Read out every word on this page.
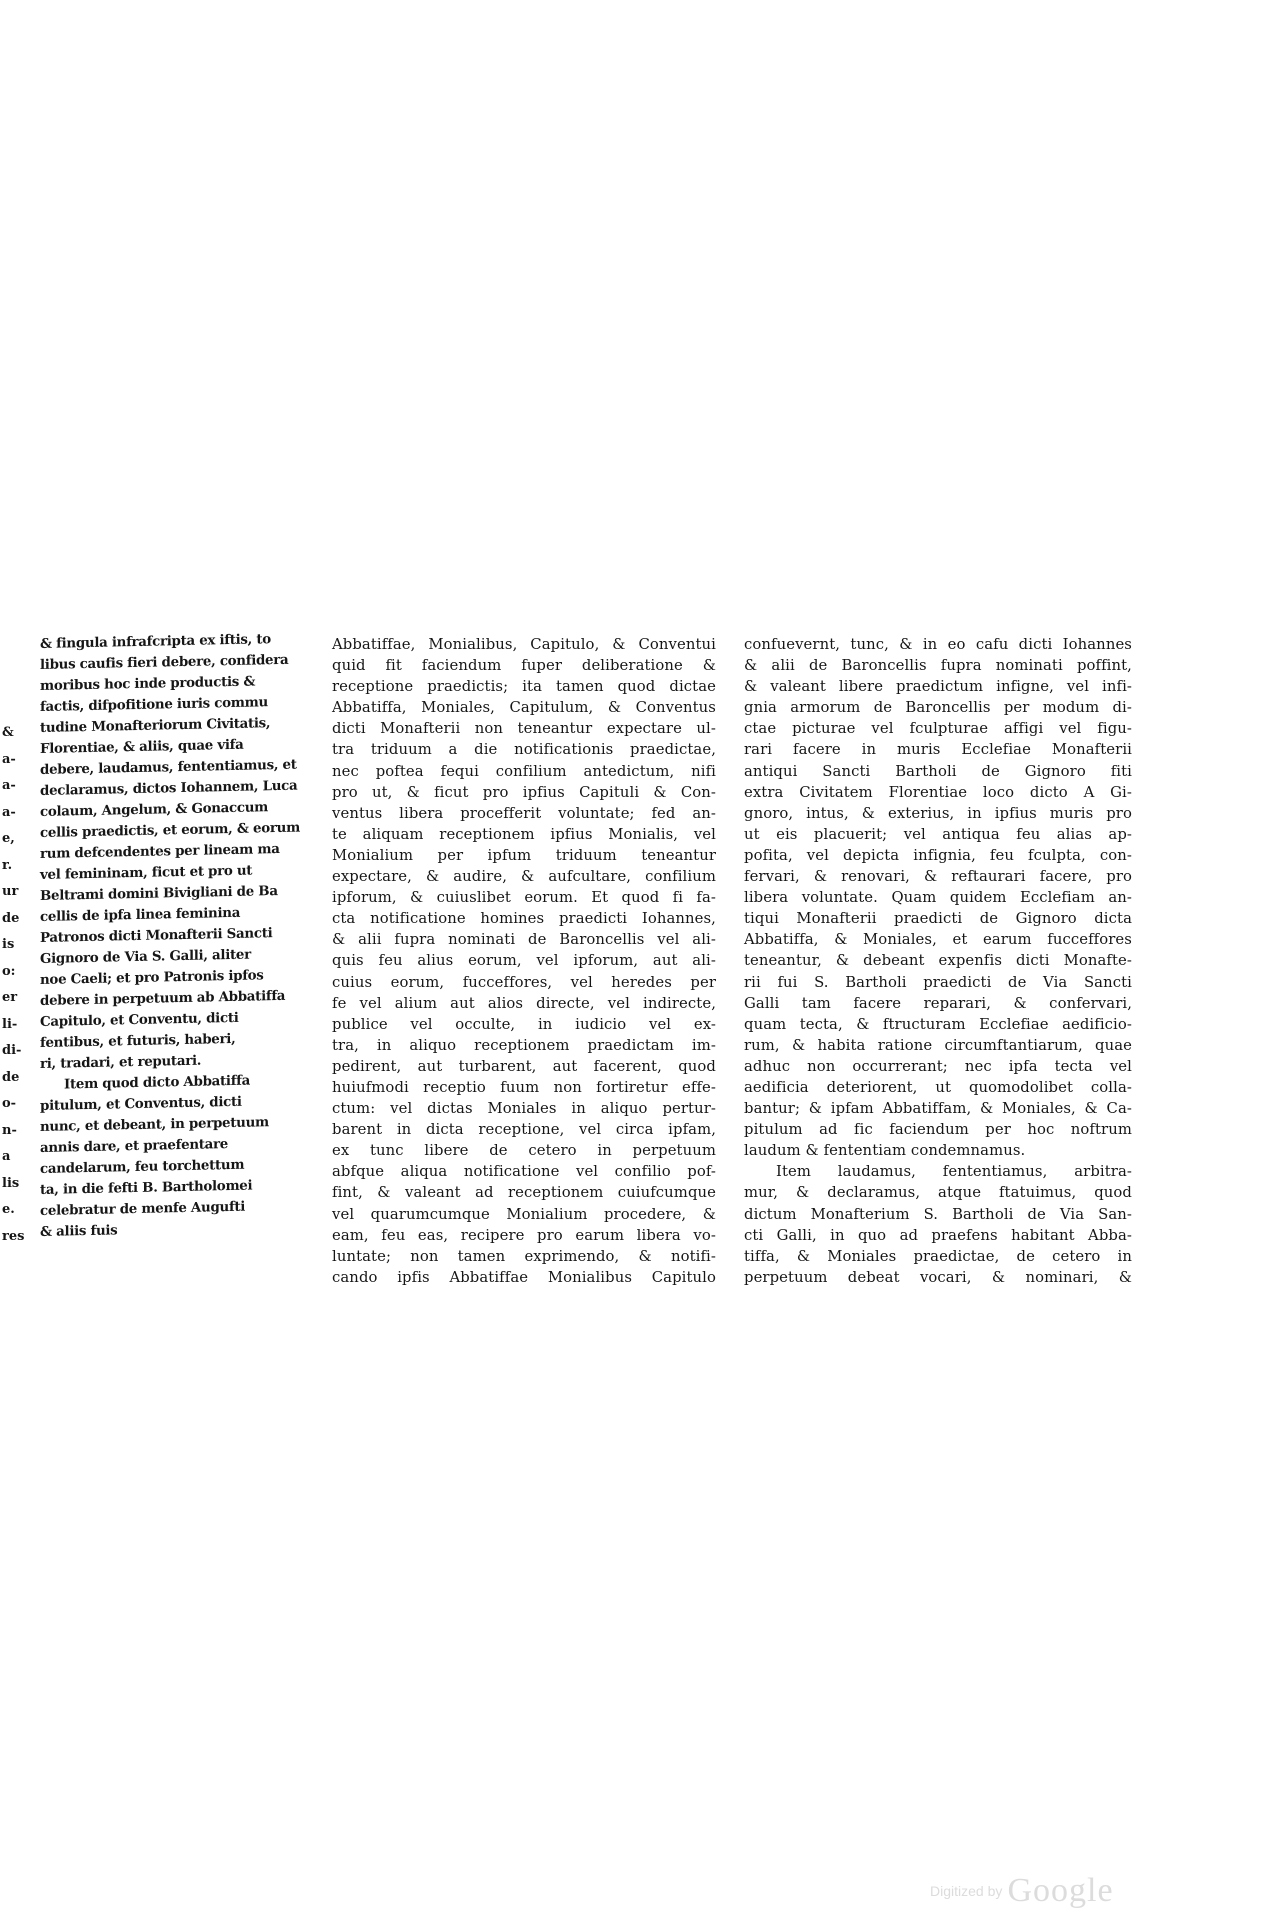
&

a-

a-

a-

e,

r.

ur

de

is

o:

er

li-

di-

de

o-

n-

a

lis

e.

res

& fingula infrafcripta ex iftis, to

libus caufis fieri debere, confidera

moribus hoc inde productis &

factis, difpofitione iuris commu

tudine Monafteriorum Civitatis,

Florentiae, & aliis, quae vifa

debere, laudamus, fententiamus, et

declaramus, dictos Iohannem, Luca

colaum, Angelum, & Gonaccum

cellis praedictis, et eorum, & eorum

rum defcendentes per lineam ma

vel femininam, ficut et pro ut

Beltrami domini Bivigliani de Ba

cellis de ipfa linea feminina

Patronos dicti Monafterii Sancti

Gignoro de Via S. Galli, aliter

noe Caeli; et pro Patronis ipfos

debere in perpetuum ab Abbatiffa

Capitulo, et Conventu, dicti

fentibus, et futuris, haberi,

ri, tradari, et reputari.

Item quod dicto Abbatiffa

pitulum, et Conventus, dicti

nunc, et debeant, in perpetuum

annis dare, et praefentare

candelarum, feu torchettum

ta, in die fefti B. Bartholomei

celebratur de menfe Augufti

& aliis fuis

Abbatiffae, Monialibus, Capitulo, & Conventui

quid fit faciendum fuper deliberatione &

receptione praedictis; ita tamen quod dictae

Abbatiffa, Moniales, Capitulum, & Conventus

dicti Monafterii non teneantur expectare ul-

tra triduum a die notificationis praedictae,

nec poftea fequi confilium antedictum, nifi

pro ut, & ficut pro ipfius Capituli & Con-

ventus libera procefferit voluntate; fed an-

te aliquam receptionem ipfius Monialis, vel

Monialium per ipfum triduum teneantur

expectare, & audire, & aufcultare, confilium

ipforum, & cuiuslibet eorum. Et quod fi fa-

cta notificatione homines praedicti Iohannes,

& alii fupra nominati de Baroncellis vel ali-

quis feu alius eorum, vel ipforum, aut ali-

cuius eorum, fucceffores, vel heredes per

fe vel alium aut alios directe, vel indirecte,

publice vel occulte, in iudicio vel ex-

tra, in aliquo receptionem praedictam im-

pedirent, aut turbarent, aut facerent, quod

huiufmodi receptio fuum non fortiretur effe-

ctum: vel dictas Moniales in aliquo pertur-

barent in dicta receptione, vel circa ipfam,

ex tunc libere de cetero in perpetuum

abfque aliqua notificatione vel confilio pof-

fint, & valeant ad receptionem cuiufcumque

vel quarumcumque Monialium procedere, &

eam, feu eas, recipere pro earum libera vo-

luntate; non tamen exprimendo, & notifi-

cando ipfis Abbatiffae Monialibus Capitulo

confuevernt, tunc, & in eo cafu dicti Iohannes

& alii de Baroncellis fupra nominati poffint,

& valeant libere praedictum infigne, vel infi-

gnia armorum de Baroncellis per modum di-

ctae picturae vel fculpturae affigi vel figu-

rari facere in muris Ecclefiae Monafterii

antiqui Sancti Bartholi de Gignoro fiti

extra Civitatem Florentiae loco dicto A Gi-

gnoro, intus, & exterius, in ipfius muris pro

ut eis placuerit; vel antiqua feu alias ap-

pofita, vel depicta infignia, feu fculpta, con-

fervari, & renovari, & reftaurari facere, pro

libera voluntate. Quam quidem Ecclefiam an-

tiqui Monafterii praedicti de Gignoro dicta

Abbatiffa, & Moniales, et earum fucceffores

teneantur, & debeant expenfis dicti Monafte-

rii fui S. Bartholi praedicti de Via Sancti

Galli tam facere reparari, & confervari,

quam tecta, & ftructuram Ecclefiae aedificio-

rum, & habita ratione circumftantiarum, quae

adhuc non occurrerant; nec ipfa tecta vel

aedificia deteriorent, ut quomodolibet colla-

bantur; & ipfam Abbatiffam, & Moniales, & Ca-

pitulum ad fic faciendum per hoc noftrum

laudum & fententiam condemnamus.

Item laudamus, fententiamus, arbitra-

mur, & declaramus, atque ftatuimus, quod

dictum Monafterium S. Bartholi de Via San-

cti Galli, in quo ad praefens habitant Abba-

tiffa, & Moniales praedictae, de cetero in

perpetuum debeat vocari, & nominari, &

Digitized by Google
